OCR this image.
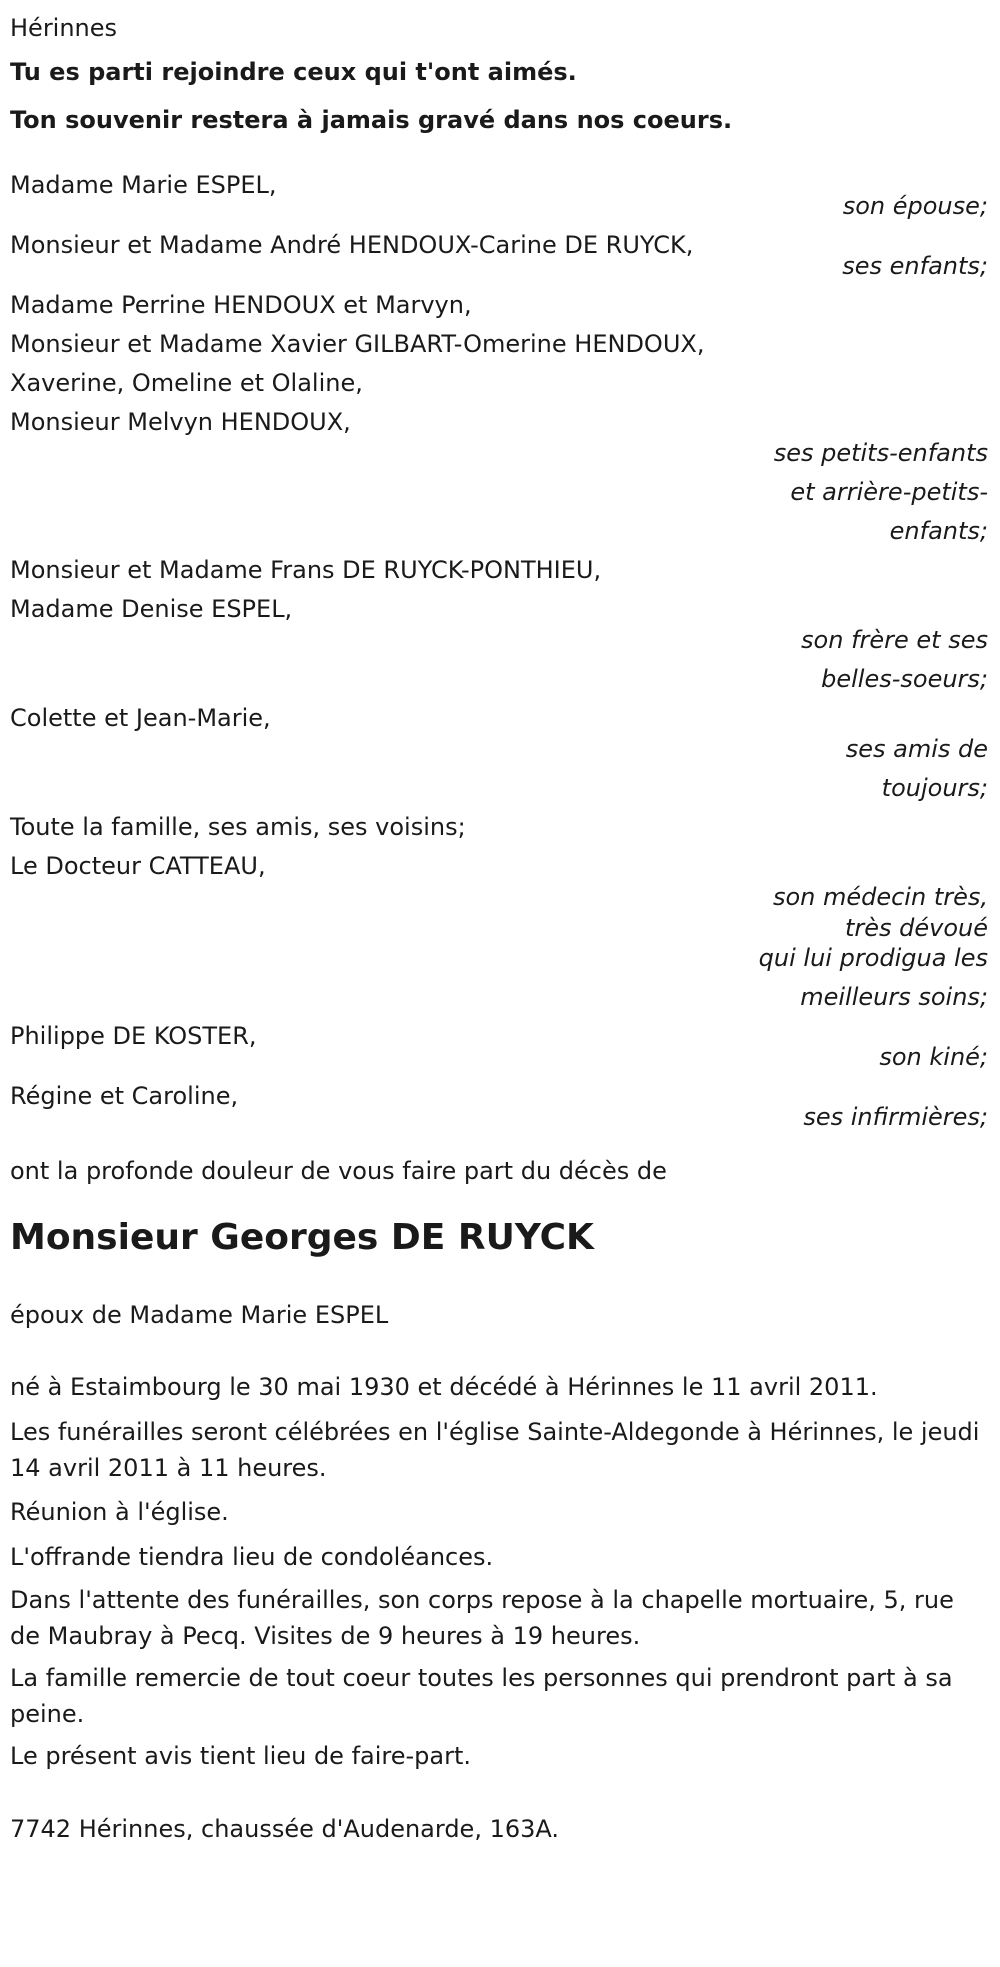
Hérinnes
Tu es parti rejoindre ceux qui t'ont aimés.
Ton souvenir restera à jamais gravé dans nos coeurs.
Madame Marie ESPEL,
son épouse;
Monsieur et Madame André HENDOUX-Carine DE RUYCK,
ses enfants;
Madame Perrine HENDOUX et Marvyn,
Monsieur et Madame Xavier GILBART-Omerine HENDOUX,
Xaverine, Omeline et Olaline,
Monsieur Melvyn HENDOUX,
ses petits-enfants
et arrière-petits-
enfants;
Monsieur et Madame Frans DE RUYCK-PONTHIEU,
Madame Denise ESPEL,
son frère et ses
belles-soeurs;
Colette et Jean-Marie,
ses amis de
toujours;
Toute la famille, ses amis, ses voisins;
Le Docteur CATTEAU,
son médecin très,
très dévoué
qui lui prodigua les
meilleurs soins;
Philippe DE KOSTER,
son kiné;
Régine et Caroline,
ses infirmières;
ont la profonde douleur de vous faire part du décès de
Monsieur Georges DE RUYCK
époux de Madame Marie ESPEL
né à Estaimbourg le 30 mai 1930 et décédé à Hérinnes le 11 avril 2011.
Les funérailles seront célébrées en l'église Sainte-Aldegonde à Hérinnes, le jeudi 14 avril 2011 à 11 heures.
Réunion à l'église.
L'offrande tiendra lieu de condoléances.
Dans l'attente des funérailles, son corps repose à la chapelle mortuaire, 5, rue de Maubray à Pecq. Visites de 9 heures à 19 heures.
La famille remercie de tout coeur toutes les personnes qui prendront part à sa peine.
Le présent avis tient lieu de faire-part.
7742 Hérinnes, chaussée d'Audenarde, 163A.
